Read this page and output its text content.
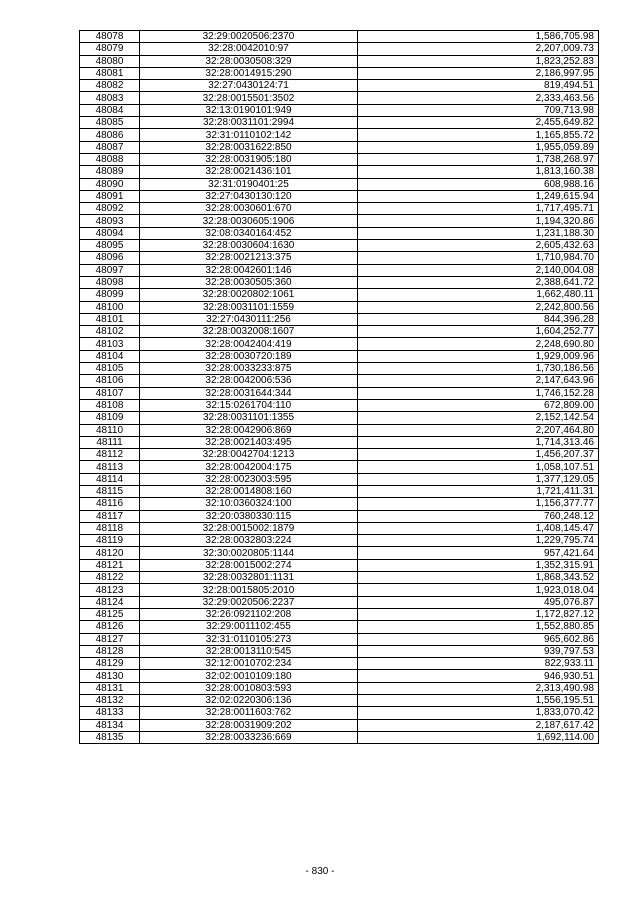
48078	32:29:0020506:2370	1,586,705.98
48079	32:28:0042010:97	2,207,009.73
48080	32:28:0030508:329	1,823,252.83
48081	32:28:0014915:290	2,186,997.95
48082	32:27:0430124:71	819,494.51
48083	32:28:0015501:3502	2,333,463.56
48084	32:13:0190101:949	709,713.98
48085	32:28:0031101:2994	2,455,649.82
48086	32:31:0110102:142	1,165,855.72
48087	32:28:0031622:850	1,955,059.89
48088	32:28:0031905:180	1,738,268.97
48089	32:28:0021436:101	1,813,160.38
48090	32:31:0190401:25	608,988.16
48091	32:27:0430130:120	1,249,615.94
48092	32:28:0030601:670	1,717,495.71
48093	32:28:0030605:1906	1,194,320.86
48094	32:08:0340164:452	1,231,188.30
48095	32:28:0030604:1630	2,605,432.63
48096	32:28:0021213:375	1,710,984.70
48097	32:28:0042601:146	2,140,004.08
48098	32:28:0030505:360	2,388,641.72
48099	32:28:0020802:1061	1,662,480.11
48100	32:28:0031101:1559	2,242,800.56
48101	32:27:0430111:256	844,396.28
48102	32:28:0032008:1607	1,604,252.77
48103	32:28:0042404:419	2,248,690.80
48104	32:28:0030720:189	1,929,009.96
48105	32:28:0033233:875	1,730,186.56
48106	32:28:0042006:536	2,147,643.96
48107	32:28:0031644:344	1,746,152.28
48108	32:15:0261704:110	672,809.00
48109	32:28:0031101:1355	2,152,142.54
48110	32:28:0042906:869	2,207,464.80
48111	32:28:0021403:495	1,714,313.46
48112	32:28:0042704:1213	1,456,207.37
48113	32:28:0042004:175	1,058,107.51
48114	32:28:0023003:595	1,377,129.05
48115	32:28:0014808:160	1,721,411.31
48116	32:10:0360324:100	1,156,377.77
48117	32:20:0380330:115	760,248.12
48118	32:28:0015002:1879	1,408,145.47
48119	32:28:0032803:224	1,229,795.74
48120	32:30:0020805:1144	957,421.64
48121	32:28:0015002:274	1,352,315.91
48122	32:28:0032801:1131	1,868,343.52
48123	32:28:0015805:2010	1,923,018.04
48124	32:29:0020506:2237	495,076.87
48125	32:26:0921102:208	1,172,827.12
48126	32:29:0011102:455	1,552,880.85
48127	32:31:0110105:273	965,602.86
48128	32:28:0013110:545	939,797.53
48129	32:12:0010702:234	822,933.11
48130	32:02:0010109:180	946,930.51
48131	32:28:0010803:593	2,313,490.98
48132	32:02:0220306:136	1,556,195.51
48133	32:28:0011603:762	1,833,070.42
48134	32:28:0031909:202	2,187,617.42
48135	32:28:0033236:669	1,692,114.00
- 830 -
